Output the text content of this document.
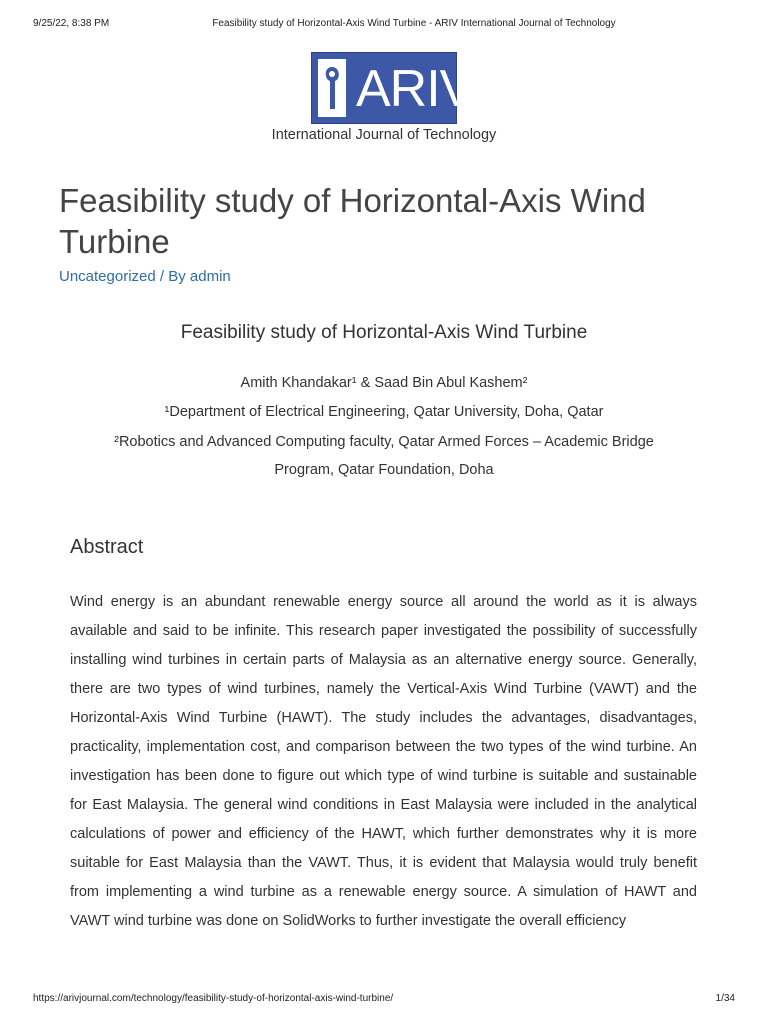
9/25/22, 8:38 PM	Feasibility study of Horizontal-Axis Wind Turbine - ARIV International Journal of Technology
ARIV
International Journal of Technology
Feasibility study of Horizontal-Axis Wind Turbine
Uncategorized / By admin
Feasibility study of Horizontal-Axis Wind Turbine
Amith Khandakar¹ & Saad Bin Abul Kashem²
¹Department of Electrical Engineering, Qatar University, Doha, Qatar
²Robotics and Advanced Computing faculty, Qatar Armed Forces – Academic Bridge
Program, Qatar Foundation, Doha
Abstract

Wind energy is an abundant renewable energy source all around the world as it is always available and said to be infinite. This research paper investigated the possibility of successfully installing wind turbines in certain parts of Malaysia as an alternative energy source. Generally, there are two types of wind turbines, namely the Vertical-Axis Wind Turbine (VAWT) and the Horizontal-Axis Wind Turbine (HAWT). The study includes the advantages, disadvantages, practicality, implementation cost, and comparison between the two types of the wind turbine. An investigation has been done to figure out which type of wind turbine is suitable and sustainable for East Malaysia. The general wind conditions in East Malaysia were included in the analytical calculations of power and efficiency of the HAWT, which further demonstrates why it is more suitable for East Malaysia than the VAWT. Thus, it is evident that Malaysia would truly benefit from implementing a wind turbine as a renewable energy source. A simulation of HAWT and VAWT wind turbine was done on SolidWorks to further investigate the overall efficiency

https://arivjournal.com/technology/feasibility-study-of-horizontal-axis-wind-turbine/	1/34
